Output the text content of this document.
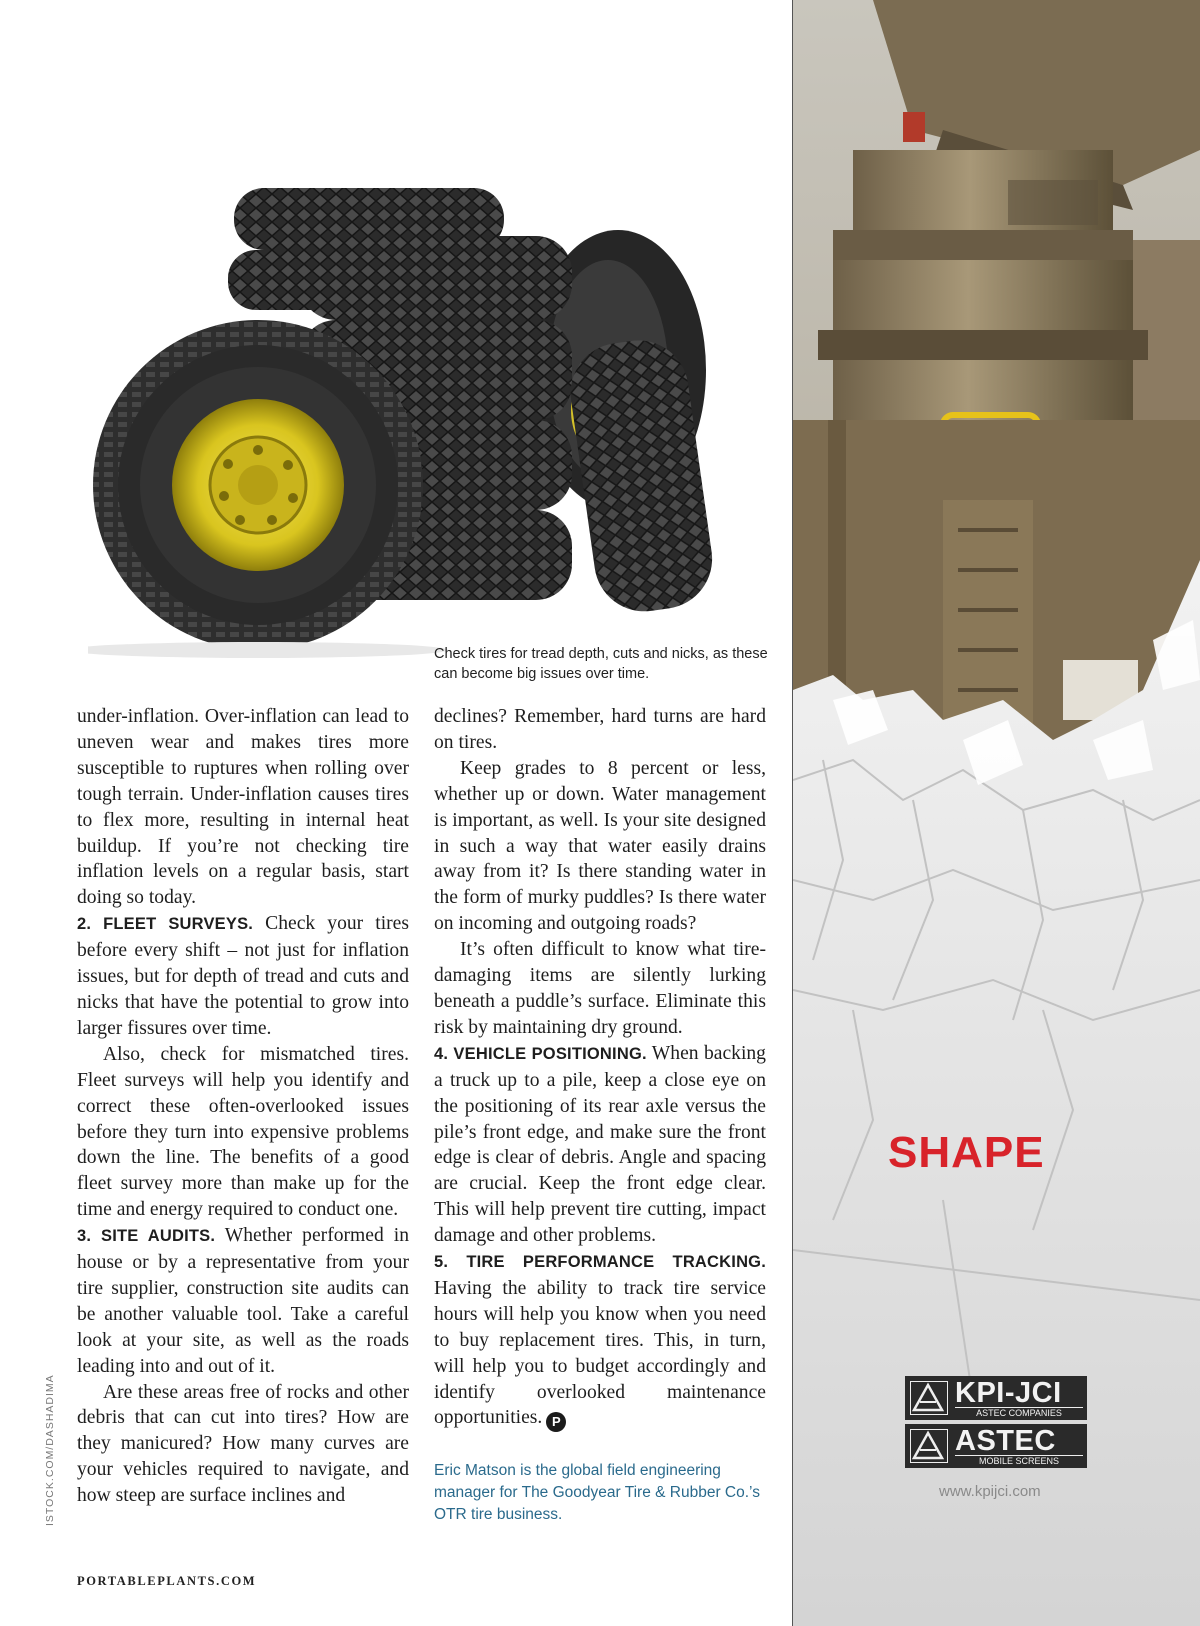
Check tires for tread depth, cuts and nicks, as these can become big issues over time.

under-inflation. Over-inflation can lead to uneven wear and makes tires more susceptible to ruptures when rolling over tough terrain. Under-inflation causes tires to flex more, resulting in internal heat buildup. If you’re not checking tire inflation levels on a regular basis, start doing so today.

2. FLEET SURVEYS. Check your tires before every shift – not just for inflation issues, but for depth of tread and cuts and nicks that have the potential to grow into larger fissures over time.

Also, check for mismatched tires. Fleet surveys will help you identify and correct these often-overlooked issues before they turn into expensive problems down the line. The benefits of a good fleet survey more than make up for the time and energy required to conduct one.

3. SITE AUDITS. Whether performed in house or by a representative from your tire supplier, construction site audits can be another valuable tool. Take a careful look at your site, as well as the roads leading into and out of it.

Are these areas free of rocks and other debris that can cut into tires? How are they manicured? How many curves are your vehicles required to navigate, and how steep are surface inclines and

declines? Remember, hard turns are hard on tires.

Keep grades to 8 percent or less, whether up or down. Water management is important, as well. Is your site designed in such a way that water easily drains away from it? Is there standing water in the form of murky puddles? Is there water on incoming and outgoing roads?

It’s often difficult to know what tire-damaging items are silently lurking beneath a puddle’s surface. Eliminate this risk by maintaining dry ground.

4. VEHICLE POSITIONING. When backing a truck up to a pile, keep a close eye on the positioning of its rear axle versus the pile’s front edge, and make sure the front edge is clear of debris. Angle and spacing are crucial. Keep the front edge clear. This will help prevent tire cutting, impact damage and other problems.

5. TIRE PERFORMANCE TRACKING. Having the ability to track tire service hours will help you know when you need to buy replacement tires. This, in turn, will help you to budget accordingly and identify overlooked maintenance opportunities. P

Eric Matson is the global field engineering manager for The Goodyear Tire & Rubber Co.’s OTR tire business.
ISTOCK.COM/DASHADIMA
PORTABLEPLANTS.COM
SHAPE
KPI-JCI
ASTEC COMPANIES
ASTEC
MOBILE SCREENS
www.kpijci.com
